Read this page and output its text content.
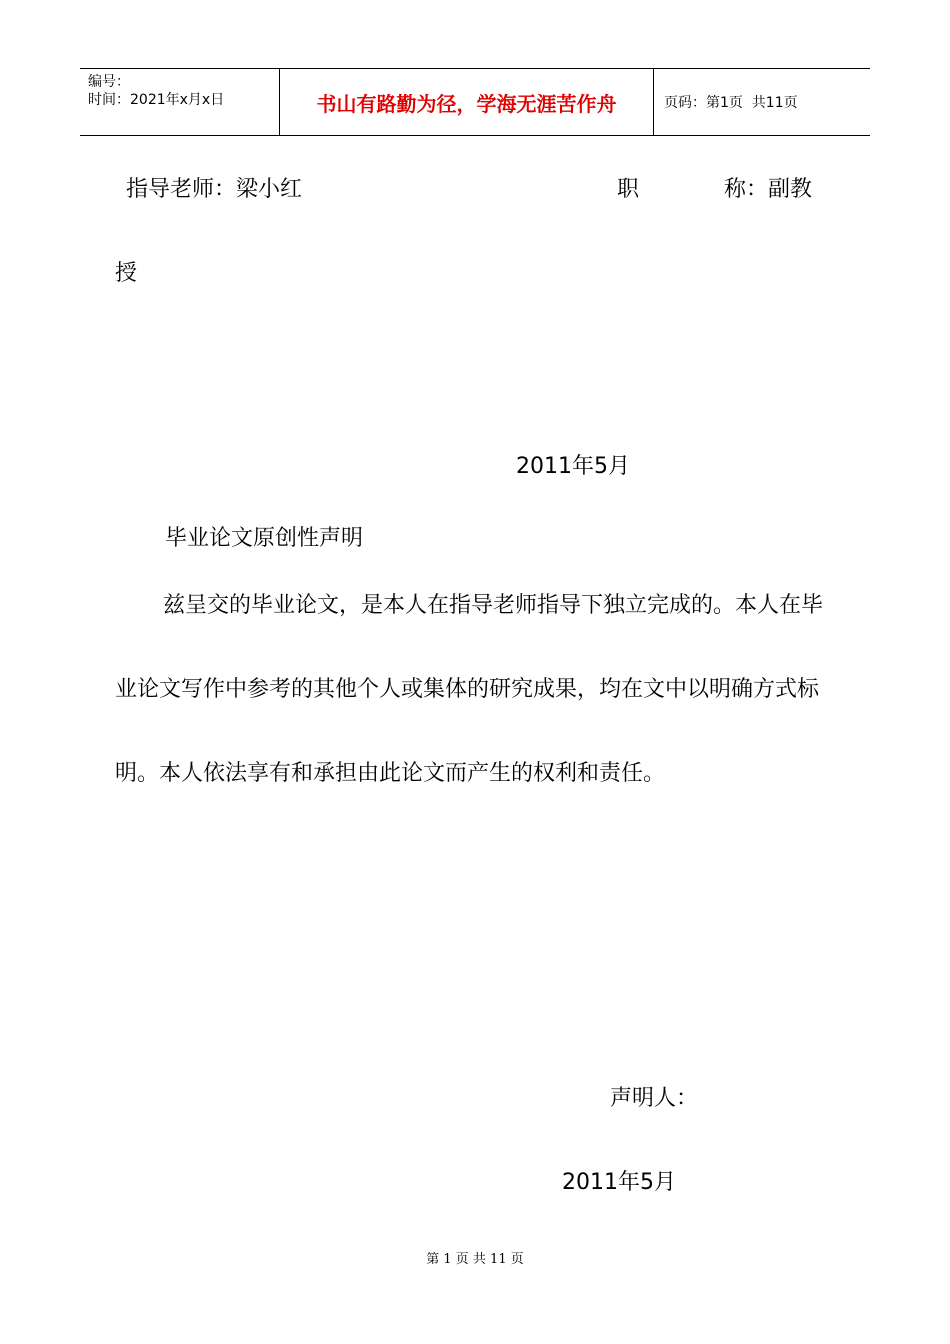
编号：
时间：2021年x月x日	书山有路勤为径，学海无涯苦作舟	页码：第1页  共11页
指导老师：梁小红	职	称：副教
授
2011年5月
毕业论文原创性声明
兹呈交的毕业论文，是本人在指导老师指导下独立完成的。本人在毕业论文写作中参考的其他个人或集体的研究成果，均在文中以明确方式标明。本人依法享有和承担由此论文而产生的权利和责任。
声明人：
2011年5月
第 1 页 共 11 页
